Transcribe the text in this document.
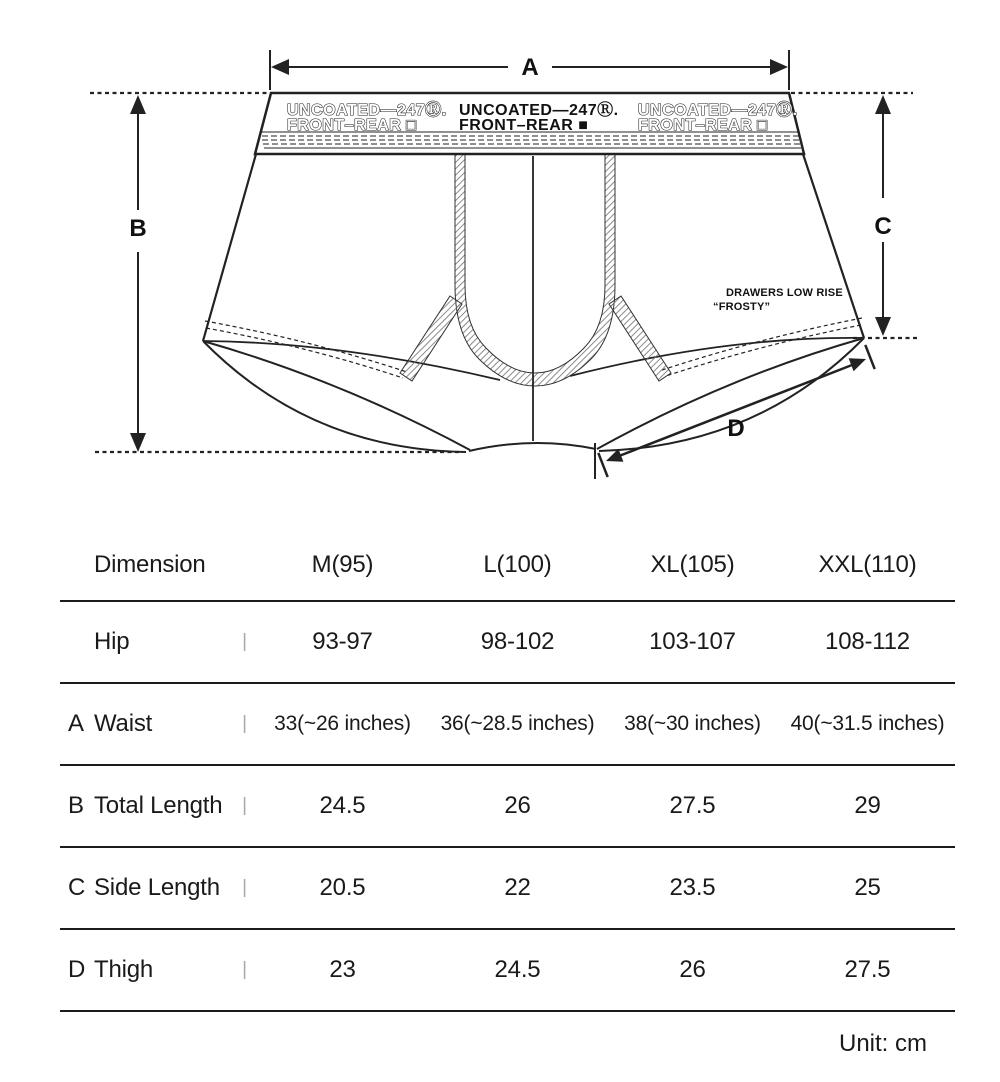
UNCOATED—247Ⓡ.
FRONT–REAR □
UNCOATED—247Ⓡ.
FRONT–REAR ■
UNCOATED—247Ⓡ.
FRONT–REAR □
DRAWERS LOW RISE
“FROSTY”
A
B	C
D
Dimension	M(95)	L(100)	XL(105)	XXL(110)
Hip	|	93-97	98-102	103-107	108-112
A Waist	|	33(~26 inches)	36(~28.5 inches)	38(~30 inches)	40(~31.5 inches)
B Total Length |	24.5	26	27.5	29
C Side Length |	20.5	22	23.5	25
D Thigh	|	23	24.5	26	27.5
Unit: cm
